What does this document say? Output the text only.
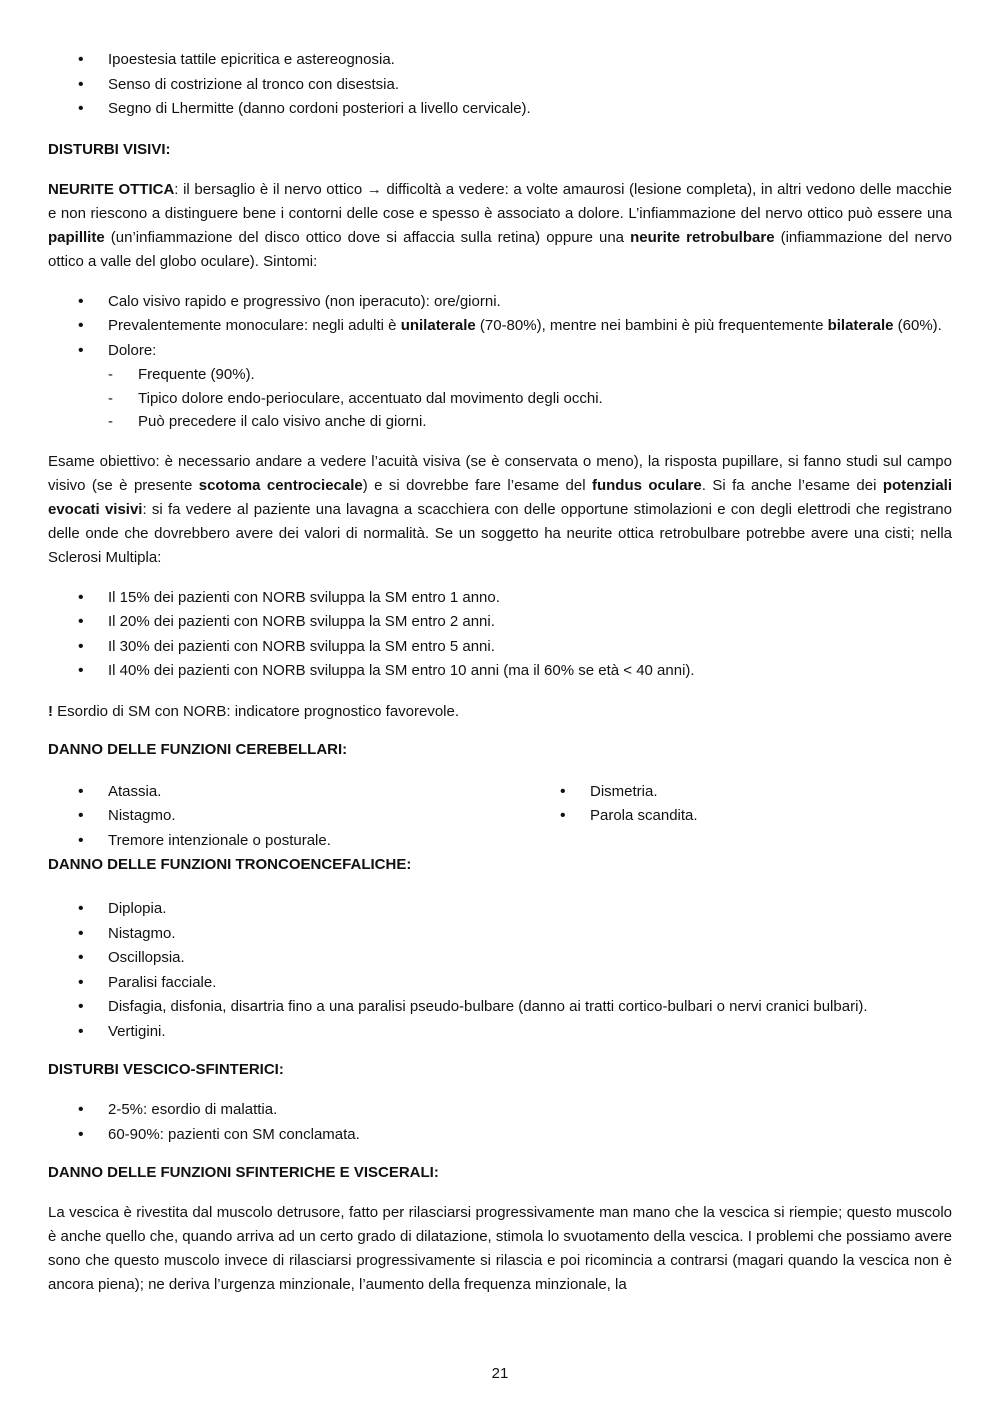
• Ipoestesia tattile epicritica e astereognosia.
• Senso di costrizione al tronco con disestsia.
• Segno di Lhermitte (danno cordoni posteriori a livello cervicale).
DISTURBI VISIVI:

NEURITE OTTICA: il bersaglio è il nervo ottico → difficoltà a vedere: a volte amaurosi (lesione completa), in altri vedono delle macchie e non riescono a distinguere bene i contorni delle cose e spesso è associato a dolore. L’infiammazione del nervo ottico può essere una papillite (un’infiammazione del disco ottico dove si affaccia sulla retina) oppure una neurite retrobulbare (infiammazione del nervo ottico a valle del globo oculare). Sintomi:

• Calo visivo rapido e progressivo (non iperacuto): ore/giorni.
• Prevalentemente monoculare: negli adulti è unilaterale (70-80%), mentre nei bambini è più frequentemente bilaterale (60%).
• Dolore:
- Frequente (90%).
- Tipico dolore endo-perioculare, accentuato dal movimento degli occhi.
- Può precedere il calo visivo anche di giorni.

Esame obiettivo: è necessario andare a vedere l’acuità visiva (se è conservata o meno), la risposta pupillare, si fanno studi sul campo visivo (se è presente scotoma centrociecale) e si dovrebbe fare l’esame del fundus oculare. Si fa anche l’esame dei potenziali evocati visivi: si fa vedere al paziente una lavagna a scacchiera con delle opportune stimolazioni e con degli elettrodi che registrano delle onde che dovrebbero avere dei valori di normalità. Se un soggetto ha neurite ottica retrobulbare potrebbe avere una cisti; nella Sclerosi Multipla:

• Il 15% dei pazienti con NORB sviluppa la SM entro 1 anno.
• Il 20% dei pazienti con NORB sviluppa la SM entro 2 anni.
• Il 30% dei pazienti con NORB sviluppa la SM entro 5 anni.
• Il 40% dei pazienti con NORB sviluppa la SM entro 10 anni (ma il 60% se età < 40 anni).

! Esordio di SM con NORB: indicatore prognostico favorevole.

DANNO DELLE FUNZIONI CEREBELLARI:
• Atassia.
• Nistagmo.
• Tremore intenzionale o posturale.
• Dismetria.
• Parola scandita.
DANNO DELLE FUNZIONI TRONCOENCEFALICHE:
• Diplopia.
• Nistagmo.
• Oscillopsia.
• Paralisi facciale.
• Disfagia, disfonia, disartria fino a una paralisi pseudo-bulbare (danno ai tratti cortico-bulbari o nervi cranici bulbari).
• Vertigini.
DISTURBI VESCICO-SFINTERICI:
• 2-5%: esordio di malattia.
• 60-90%: pazienti con SM conclamata.
DANNO DELLE FUNZIONI SFINTERICHE E VISCERALI:

La vescica è rivestita dal muscolo detrusore, fatto per rilasciarsi progressivamente man mano che la vescica si riempie; questo muscolo è anche quello che, quando arriva ad un certo grado di dilatazione, stimola lo svuotamento della vescica. I problemi che possiamo avere sono che questo muscolo invece di rilasciarsi progressivamente si rilascia e poi ricomincia a contrarsi (magari quando la vescica non è ancora piena); ne deriva l’urgenza minzionale, l’aumento della frequenza minzionale, la

21
